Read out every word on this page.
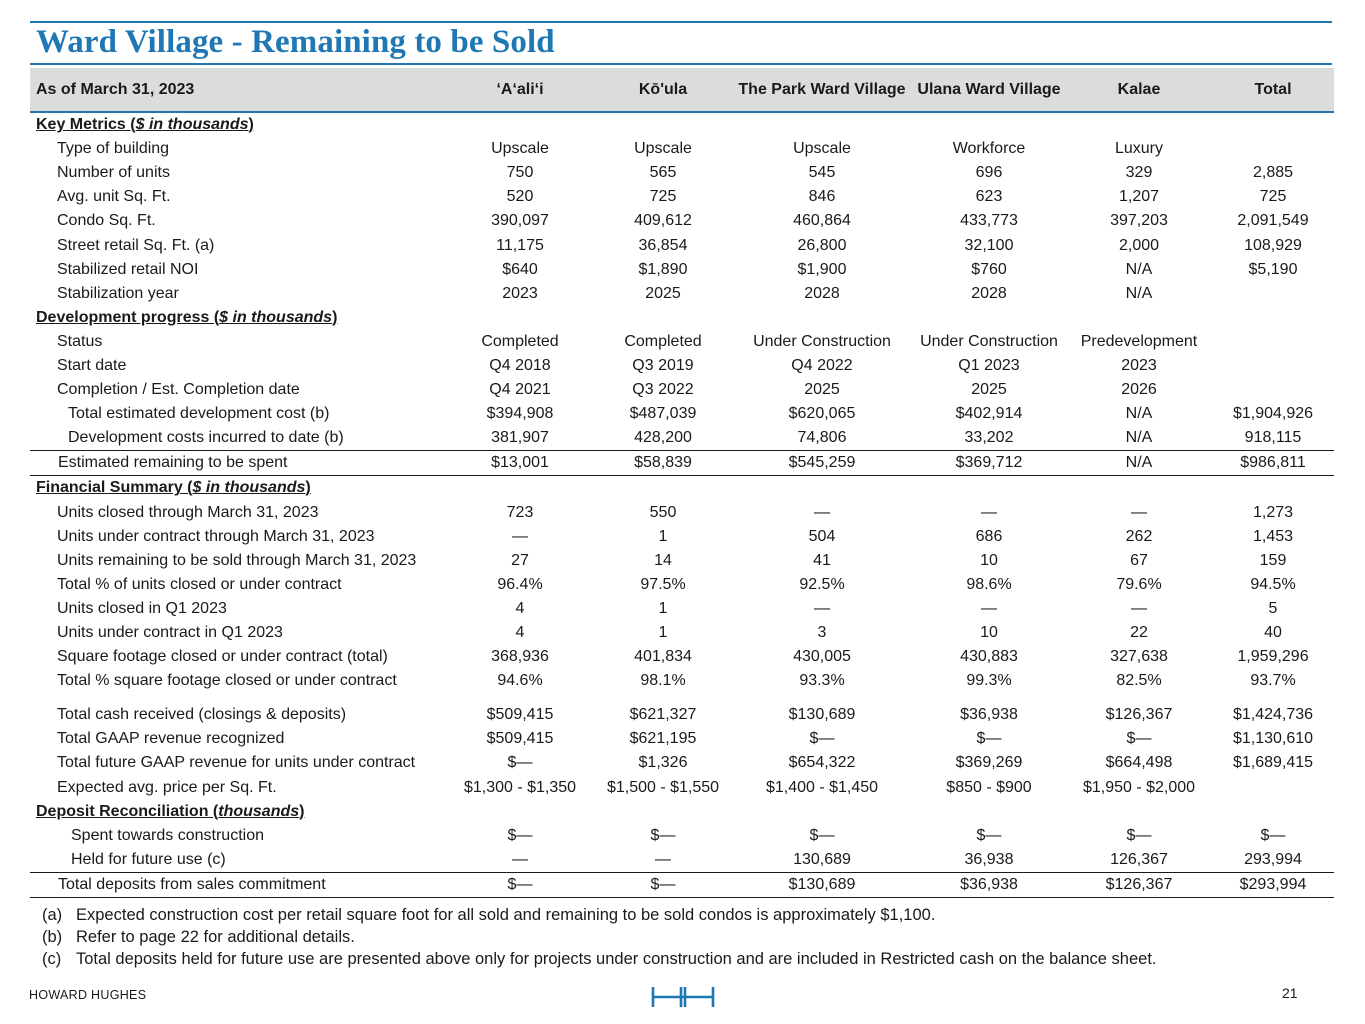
Ward Village - Remaining to be Sold
As of March 31, 2023	‘A‘ali‘i	Kō'ula	The Park Ward Village	Ulana Ward Village	Kalae	Total
Key Metrics ($ in thousands)						
Type of building	Upscale	Upscale	Upscale	Workforce	Luxury	
Number of units	750	565	545	696	329	2,885
Avg. unit Sq. Ft.	520	725	846	623	1,207	725
Condo Sq. Ft.	390,097	409,612	460,864	433,773	397,203	2,091,549
Street retail Sq. Ft. (a)	11,175	36,854	26,800	32,100	2,000	108,929
Stabilized retail NOI	$640	$1,890	$1,900	$760	N/A	$5,190
Stabilization year	2023	2025	2028	2028	N/A	
Development progress ($ in thousands)						
Status	Completed	Completed	Under Construction	Under Construction	Predevelopment	
Start date	Q4 2018	Q3 2019	Q4 2022	Q1 2023	2023	
Completion / Est. Completion date	Q4 2021	Q3 2022	2025	2025	2026	
Total estimated development cost (b)	$394,908	$487,039	$620,065	$402,914	N/A	$1,904,926
Development costs incurred to date (b)	381,907	428,200	74,806	33,202	N/A	918,115
Estimated remaining to be spent	$13,001	$58,839	$545,259	$369,712	N/A	$986,811
Financial Summary ($ in thousands)						
Units closed through March 31, 2023	723	550	—	—	—	1,273
Units under contract through March 31, 2023	—	1	504	686	262	1,453
Units remaining to be sold through March 31, 2023	27	14	41	10	67	159
Total % of units closed or under contract	96.4%	97.5%	92.5%	98.6%	79.6%	94.5%
Units closed in Q1 2023	4	1	—	—	—	5
Units under contract in Q1 2023	4	1	3	10	22	40
Square footage closed or under contract (total)	368,936	401,834	430,005	430,883	327,638	1,959,296
Total % square footage closed or under contract	94.6%	98.1%	93.3%	99.3%	82.5%	93.7%

Total cash received (closings & deposits)	$509,415	$621,327	$130,689	$36,938	$126,367	$1,424,736
Total GAAP revenue recognized	$509,415	$621,195	$—	$—	$—	$1,130,610
Total future GAAP revenue for units under contract	$—	$1,326	$654,322	$369,269	$664,498	$1,689,415
Expected avg. price per Sq. Ft.	$1,300 - $1,350	$1,500 - $1,550	$1,400 - $1,450	$850 - $900	$1,950 - $2,000	
Deposit Reconciliation (thousands)						
Spent towards construction	$—	$—	$—	$—	$—	$—
Held for future use (c)	—	—	130,689	36,938	126,367	293,994
Total deposits from sales commitment	$—	$—	$130,689	$36,938	$126,367	$293,994
(a) Expected construction cost per retail square foot for all sold and remaining to be sold condos is approximately $1,100.
(b) Refer to page 22 for additional details.
(c) Total deposits held for future use are presented above only for projects under construction and are included in Restricted cash on the balance sheet.
HOWARD HUGHES	21
